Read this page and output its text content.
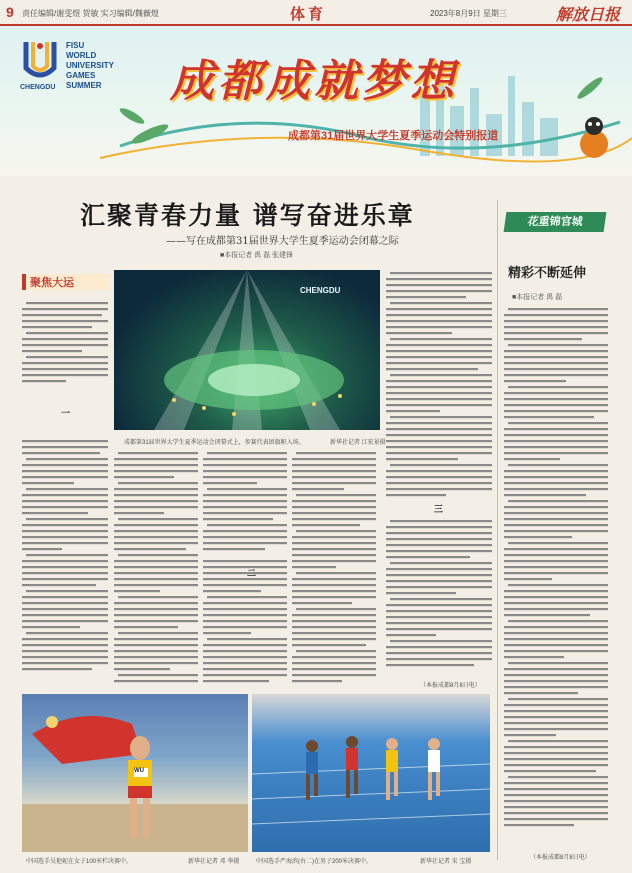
9 责任编辑/谢雯煜 贺敏 实习编辑/魏薇煌	体育	2023年8月9日 星期三	解放日报
FISU
WORLD
UNIVERSITY
GAMES
SUMMER
CHENGDU	成都成就梦想
成都第31届世界大学生夏季运动会特别报道
汇聚青春力量 谱写奋进乐章
——写在成都第31届世界大学生夏季运动会闭幕之际
■本报记者 禹 磊 张建锋
花重锦官城
精彩不断延伸
■本报记者 禹 磊
聚焦大运
CHENGDU
成都第31届世界大学生夏季运动会闭幕式上，参赛代表团旗帜入场。	新华社记者 江宏景摄
一
二
三
（本报成都8月8日电）
（本报成都8月8日电）
WU
中国选手吴艳妮在女子100米栏决赛中。	新华社记者 邓 华摄	中国选手严海滨(右二)在男子200米决赛中。	新华社记者 宋 宝摄
